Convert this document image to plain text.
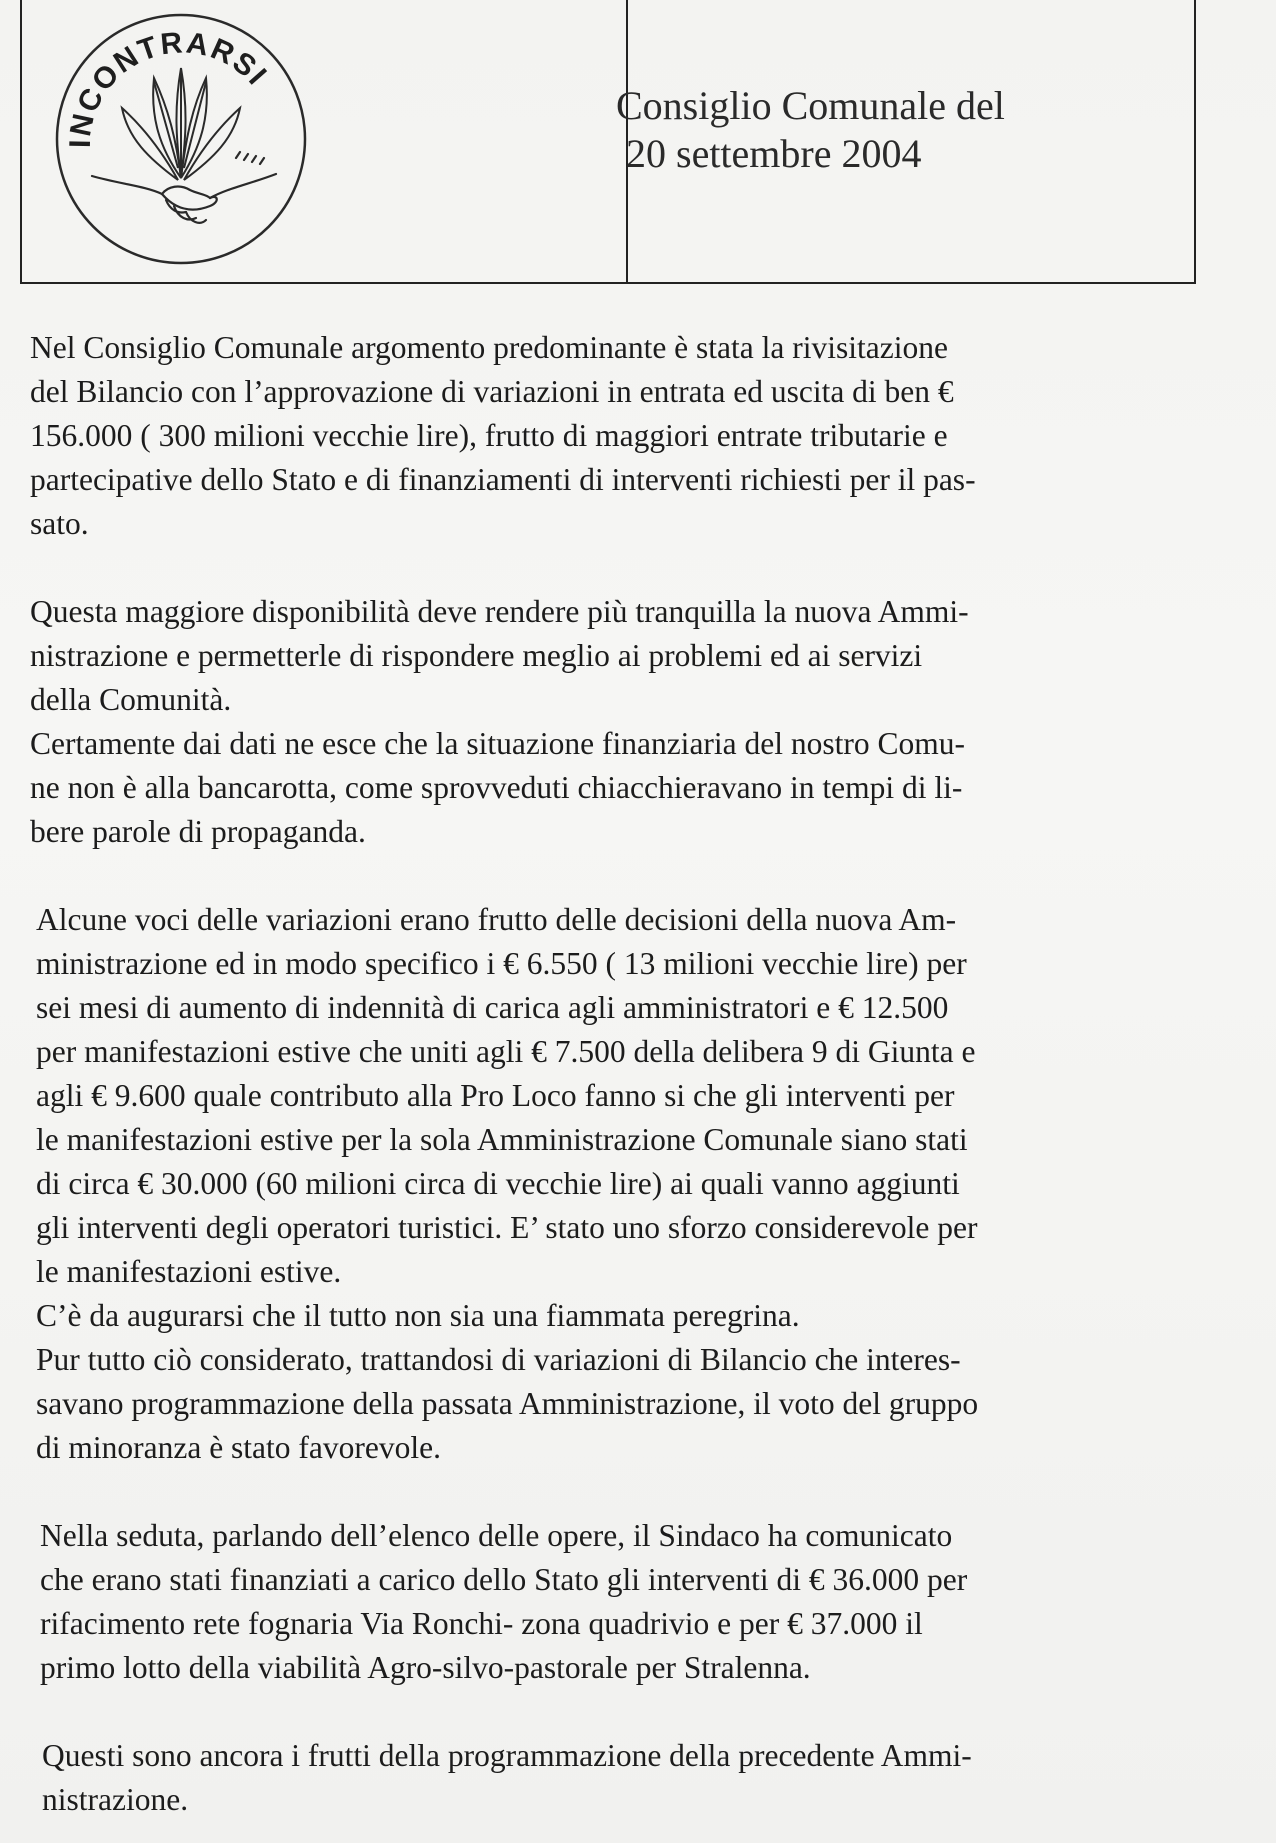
INCONTRARSI
Consiglio Comunale del
20 settembre 2004
Nel Consiglio Comunale argomento predominante è stata la rivisitazione
del Bilancio con l’approvazione di variazioni in entrata ed uscita di ben €
156.000 ( 300 milioni vecchie lire), frutto di maggiori entrate tributarie e
partecipative dello Stato e di finanziamenti di interventi richiesti per il pas-
sato.
Questa maggiore disponibilità deve rendere più tranquilla la nuova Ammi-
nistrazione e permetterle di rispondere meglio ai problemi ed ai servizi
della Comunità.
Certamente dai dati ne esce che la situazione finanziaria del nostro Comu-
ne non è alla bancarotta, come sprovveduti chiacchieravano in tempi di li-
bere parole di propaganda.
Alcune voci delle variazioni erano frutto delle decisioni della nuova Am-
ministrazione ed in modo specifico i € 6.550 ( 13 milioni vecchie lire) per
sei mesi di aumento di indennità di carica agli amministratori e € 12.500
per manifestazioni estive che uniti agli € 7.500 della delibera 9 di Giunta e
agli € 9.600 quale contributo alla Pro Loco fanno si che gli interventi per
le manifestazioni estive per la sola Amministrazione Comunale siano stati
di circa € 30.000 (60 milioni circa di vecchie lire) ai quali vanno aggiunti
gli interventi degli operatori turistici. E’ stato uno sforzo considerevole per
le manifestazioni estive.
C’è da augurarsi che il tutto non sia una fiammata peregrina.
Pur tutto ciò considerato, trattandosi di variazioni di Bilancio che interes-
savano programmazione della passata Amministrazione, il voto del gruppo
di minoranza è stato favorevole.
Nella seduta, parlando dell’elenco delle opere, il Sindaco ha comunicato
che erano stati finanziati a carico dello Stato gli interventi di € 36.000 per
rifacimento rete fognaria Via Ronchi- zona quadrivio e per € 37.000 il
primo lotto della viabilità Agro-silvo-pastorale per Stralenna.
Questi sono ancora i frutti della programmazione della precedente Ammi-
nistrazione.
